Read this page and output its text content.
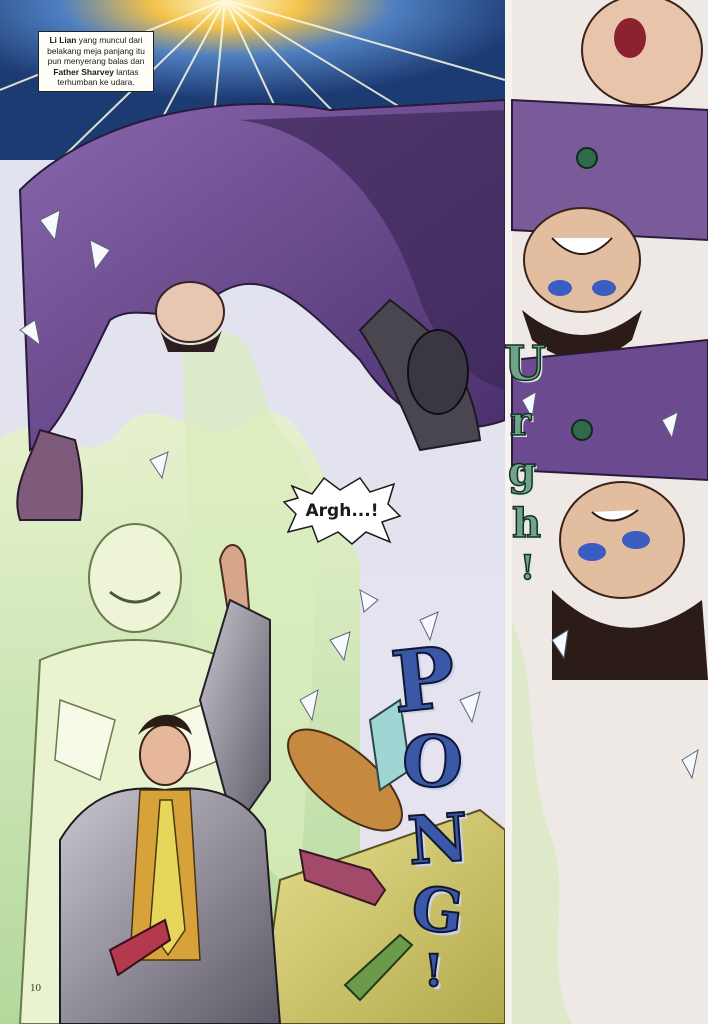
Li Lian yang muncul dari belakang meja panjang itu pun menyerang balas dan Father Sharvey lantas terhumban ke udara.
Argh...!
P
O
N
G
!
10
U
r
g
h
!
